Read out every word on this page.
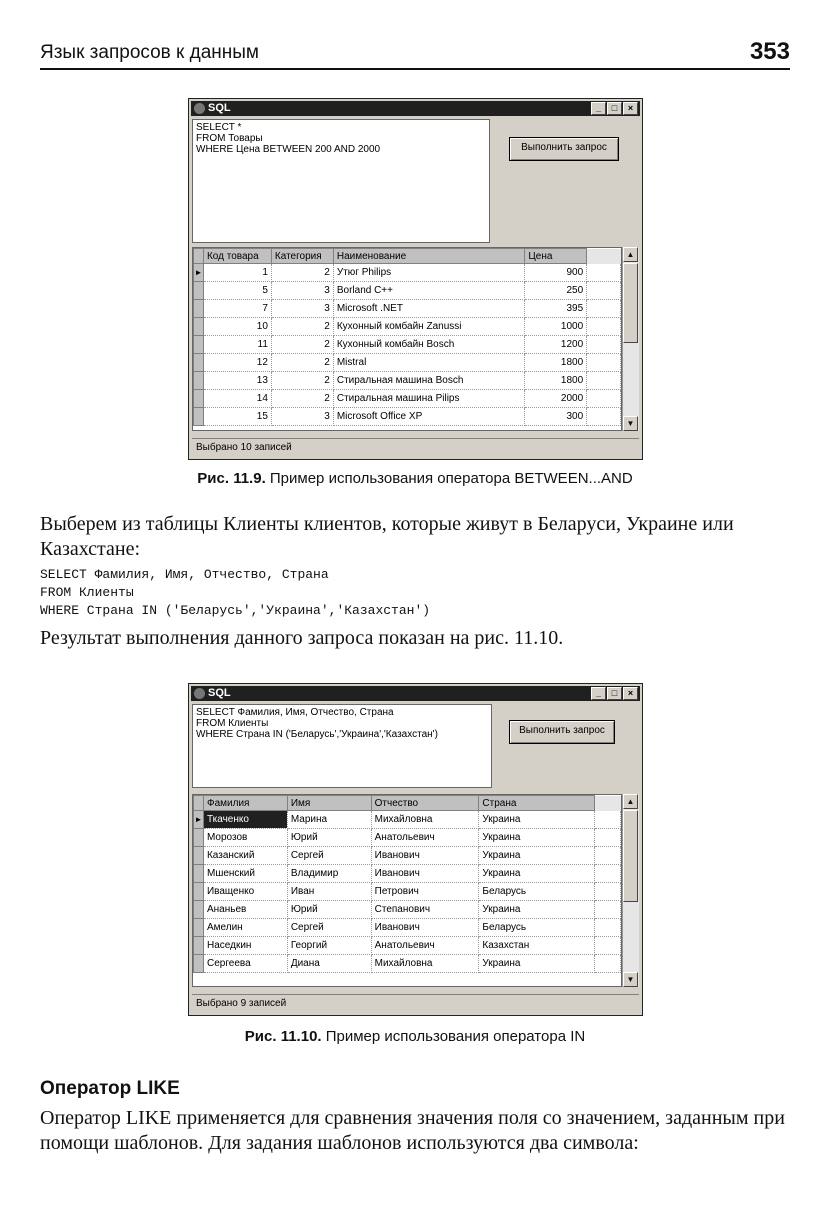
Язык запросов к данным	353
SQL	_	□	×
SELECT *
FROM Товары
WHERE Цена BETWEEN 200 AND 2000	Выполнить запрос
	Код товара	Категория	Наименование	Цена	
►	1	2	Утюг Philips	900	
	5	3	Borland C++	250	
	7	3	Microsoft .NET	395	
	10	2	Кухонный комбайн Zanussi	1000	
	11	2	Кухонный комбайн Bosch	1200	
	12	2	Mistral	1800	
	13	2	Стиральная машина Bosch	1800	
	14	2	Стиральная машина Pilips	2000	
	15	3	Microsoft Office XP	300	
▲
▼
Выбрано 10 записей
Рис. 11.9. Пример использования оператора BETWEEN...AND
Выберем из таблицы Клиенты клиентов, которые живут в Беларуси, Украине или Казахстане:
SELECT Фамилия, Имя, Отчество, Страна
FROM Клиенты
WHERE Страна IN ('Беларусь','Украина','Казахстан')
Результат выполнения данного запроса показан на рис. 11.10.
SQL	_	□	×
SELECT Фамилия, Имя, Отчество, Страна
FROM Клиенты
WHERE Страна IN ('Беларусь','Украина','Казахстан')	Выполнить запрос
	Фамилия	Имя	Отчество	Страна	
►	Ткаченко	Марина	Михайловна	Украина	
	Морозов	Юрий	Анатольевич	Украина	
	Казанский	Сергей	Иванович	Украина	
	Мшенский	Владимир	Иванович	Украина	
	Иващенко	Иван	Петрович	Беларусь	
	Ананьев	Юрий	Степанович	Украина	
	Амелин	Сергей	Иванович	Беларусь	
	Наседкин	Георгий	Анатольевич	Казахстан	
	Сергеева	Диана	Михайловна	Украина	
▲
▼
Выбрано 9 записей
Рис. 11.10. Пример использования оператора IN
Оператор LIKE
Оператор LIKE применяется для сравнения значения поля со значением, заданным при помощи шаблонов. Для задания шаблонов используются два символа:
